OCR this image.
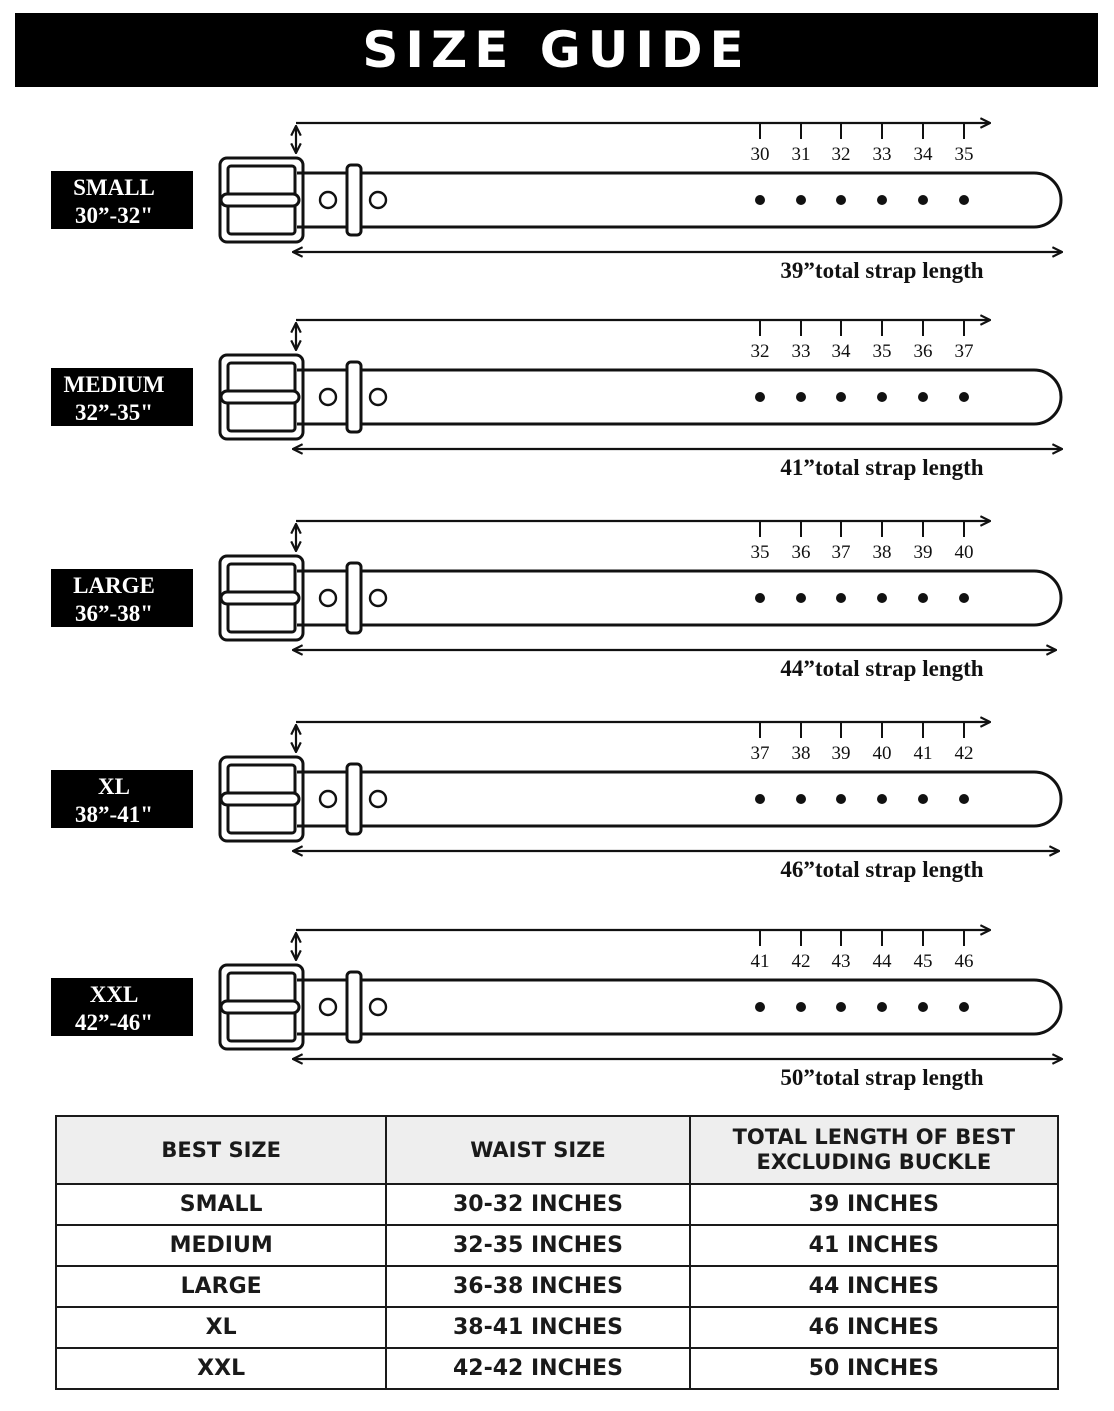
SIZE GUIDE
SMALL
30”-32"
30 31 32 33 34 35
39”total strap length
MEDIUM
32”-35"
32 33 34 35 36 37
41”total strap length
LARGE
36”-38"
35 36 37 38 39 40
44”total strap length
XL
38”-41"
37 38 39 40 41 42
46”total strap length
XXL
42”-46"
41 42 43 44 45 46
50”total strap length
BEST SIZE	WAIST SIZE	TOTAL LENGTH OF BEST
EXCLUDING BUCKLE
SMALL	30-32 INCHES	39 INCHES
MEDIUM	32-35 INCHES	41 INCHES
LARGE	36-38 INCHES	44 INCHES
XL	38-41 INCHES	46 INCHES
XXL	42-42 INCHES	50 INCHES
